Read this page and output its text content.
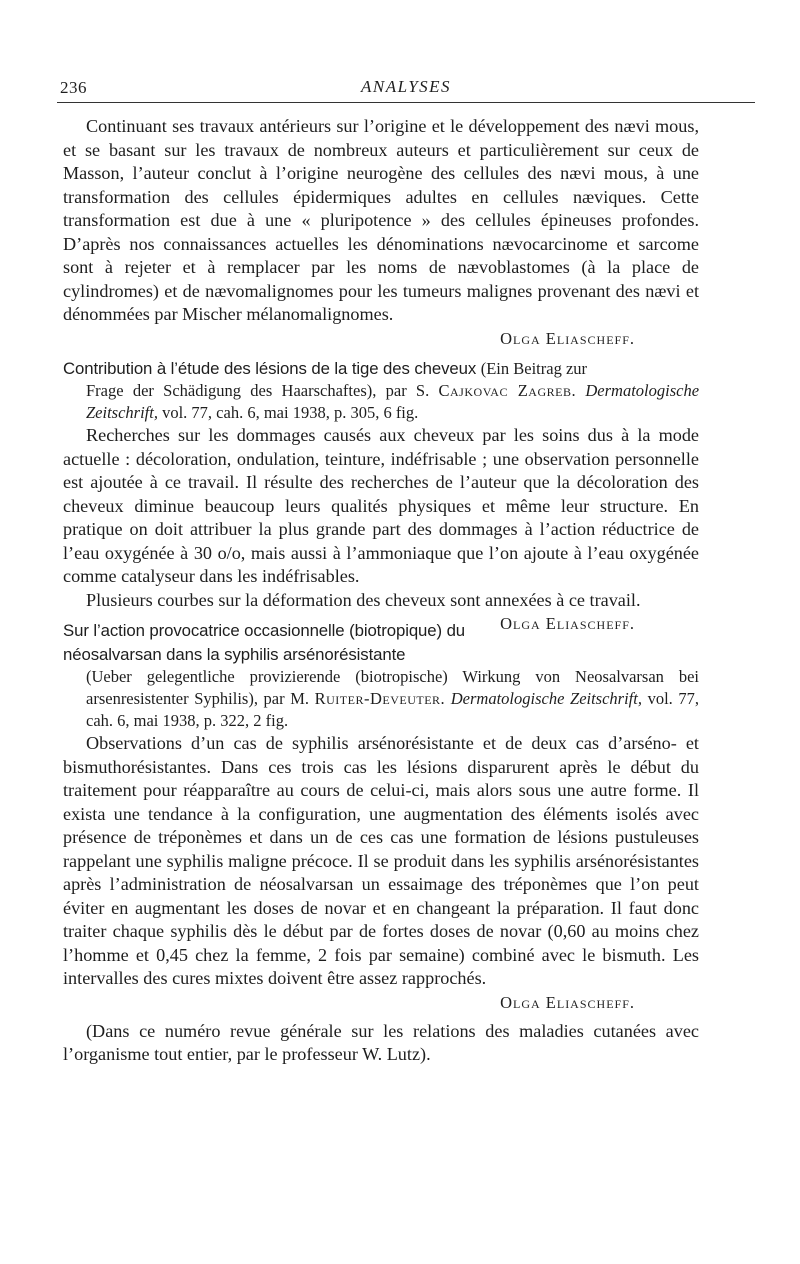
236	ANALYSES

Continuant ses travaux antérieurs sur l’origine et le développement des nævi mous, et se basant sur les travaux de nombreux auteurs et particulièrement sur ceux de Masson, l’auteur conclut à l’origine neurogène des cellules des nævi mous, à une transformation des cellules épidermiques adultes en cellules næviques. Cette transformation est due à une « pluripotence » des cellules épineuses profondes. D’après nos connaissances actuelles les dénominations nævocarcinome et sarcome sont à rejeter et à remplacer par les noms de nævoblastomes (à la place de cylindromes) et de nævomalignomes pour les tumeurs malignes provenant des nævi et dénommées par Mischer mélanomalignomes.

Olga Eliascheff.

Contribution à l’étude des lésions de la tige des cheveux (Ein Beitrag zur

Frage der Schädigung des Haarschaftes), par S. Cajkovac Zagreb. Dermatologische Zeitschrift, vol. 77, cah. 6, mai 1938, p. 305, 6 fig.

Recherches sur les dommages causés aux cheveux par les soins dus à la mode actuelle : décoloration, ondulation, teinture, indéfrisable ; une observation personnelle est ajoutée à ce travail. Il résulte des recherches de l’auteur que la décoloration des cheveux diminue beaucoup leurs qualités physiques et même leur structure. En pratique on doit attribuer la plus grande part des dommages à l’action réductrice de l’eau oxygénée à 30 o/o, mais aussi à l’ammoniaque que l’on ajoute à l’eau oxygénée comme catalyseur dans les indéfrisables.

Plusieurs courbes sur la déformation des cheveux sont annexées à ce travail.
Olga Eliascheff.

Sur l’action provocatrice occasionnelle (biotropique) du néosalvarsan dans la syphilis arsénorésistante

(Ueber gelegentliche provizierende (biotropische) Wirkung von Neosalvarsan bei arsenresistenter Syphilis), par M. Ruiter-Deveuter. Dermatologische Zeitschrift, vol. 77, cah. 6, mai 1938, p. 322, 2 fig.

Observations d’un cas de syphilis arsénorésistante et de deux cas d’arséno- et bismuthorésistantes. Dans ces trois cas les lésions disparurent après le début du traitement pour réapparaître au cours de celui-ci, mais alors sous une autre forme. Il exista une tendance à la configuration, une augmentation des éléments isolés avec présence de tréponèmes et dans un de ces cas une formation de lésions pustuleuses rappelant une syphilis maligne précoce. Il se produit dans les syphilis arsénorésistantes après l’administration de néosalvarsan un essaimage des tréponèmes que l’on peut éviter en augmentant les doses de novar et en changeant la préparation. Il faut donc traiter chaque syphilis dès le début par de fortes doses de novar (0,60 au moins chez l’homme et 0,45 chez la femme, 2 fois par semaine) combiné avec le bismuth. Les intervalles des cures mixtes doivent être assez rapprochés.

Olga Eliascheff.

(Dans ce numéro revue générale sur les relations des maladies cutanées avec l’organisme tout entier, par le professeur W. Lutz).
